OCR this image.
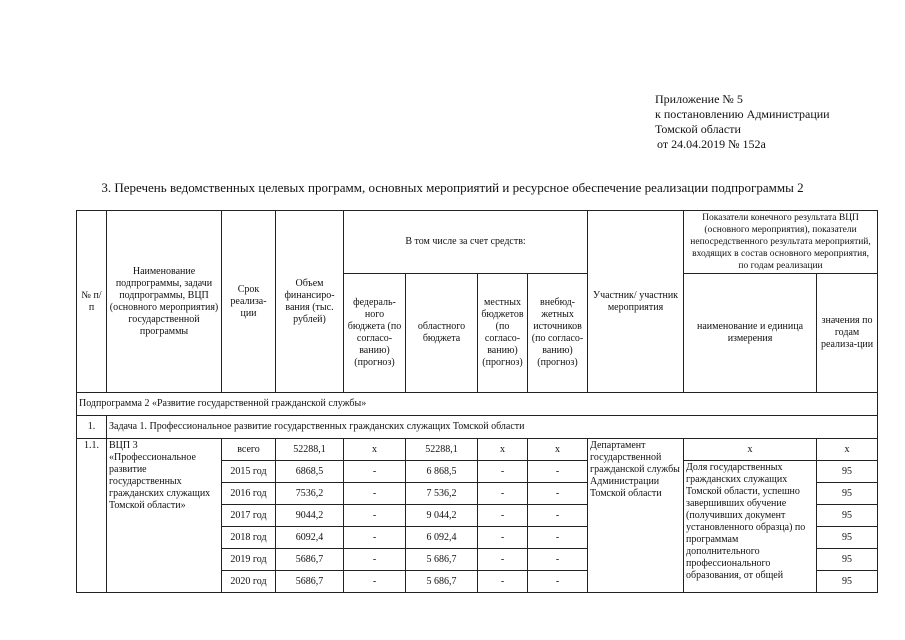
Приложение № 5
к постановлению Администрации
Томской области
от 24.04.2019 № 152а
3. Перечень ведомственных целевых программ, основных мероприятий и ресурсное обеспечение реализации подпрограммы 2
№ п/п	Наименование подпрограммы, задачи подпрограммы, ВЦП (основного мероприятия) государственной программы	Срок реализа-ции	Объем финансиро-вания (тыс. рублей)	В том числе за счет средств:				Участник/ участник мероприятия	Показатели конечного результата ВЦП (основного мероприятия), показатели непосредственного результата мероприятий, входящих в состав основного мероприятия, по годам реализации	
				федераль-ного бюджета (по согласо-ванию) (прогноз)	областного бюджета	местных бюджетов (по согласо-ванию) (прогноз)	внебюд-жетных источников (по согласо-ванию) (прогноз)		наименование и единица измерения	значения по годам реализа-ции
Подпрограмма 2 «Развитие государственной гражданской службы»										
1.	Задача 1. Профессиональное развитие государственных гражданских служащих Томской области									
1.1.	ВЦП 3 «Профессиональное развитие государственных гражданских служащих Томской области»	всего	52288,1	х	52288,1	х	х	Департамент государственной гражданской службы Администрации Томской области	х	х
		2015 год	6868,5	-	6 868,5	-	-		Доля государственных гражданских служащих Томской области, успешно завершивших обучение (получивших документ установленного образца) по программам дополнительного профессионального образования, от общей	95
		2016 год	7536,2	-	7 536,2	-	-			95
		2017 год	9044,2	-	9 044,2	-	-			95
		2018 год	6092,4	-	6 092,4	-	-			95
		2019 год	5686,7	-	5 686,7	-	-			95
		2020 год	5686,7	-	5 686,7	-	-			95
